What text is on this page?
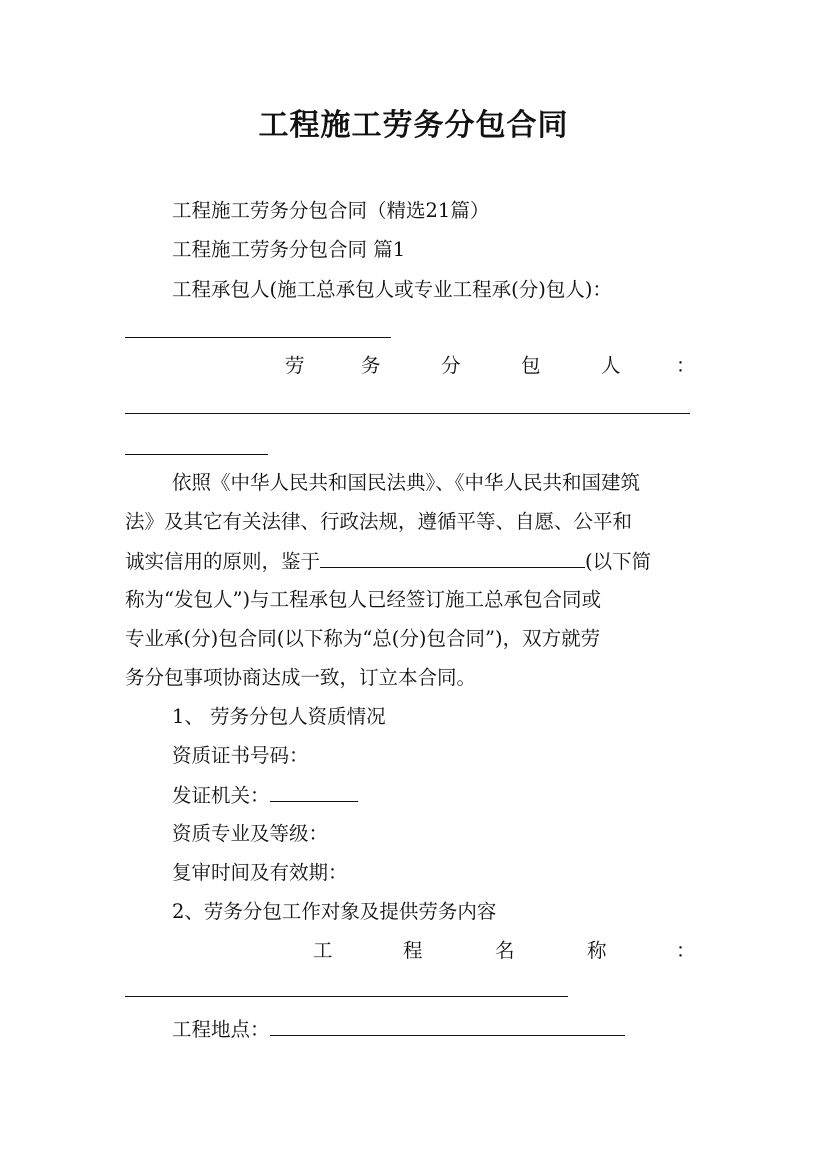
工程施工劳务分包合同
工程施工劳务分包合同（精选21篇）
工程施工劳务分包合同 篇1
工程承包人(施工总承包人或专业工程承(分)包人)：
劳	务	分	包	人	：
依照《中华人民共和国民法典》、《中华人民共和国建筑
法》及其它有关法律、行政法规，遵循平等、自愿、公平和
诚实信用的原则，鉴于	(以下简
称为“发包人”)与工程承包人已经签订施工总承包合同或
专业承(分)包合同(以下称为“总(分)包合同”)，双方就劳
务分包事项协商达成一致，订立本合同。
1、 劳务分包人资质情况
资质证书号码：
发证机关：
资质专业及等级：
复审时间及有效期：
2、劳务分包工作对象及提供劳务内容
工	程	名	称	：
工程地点：
